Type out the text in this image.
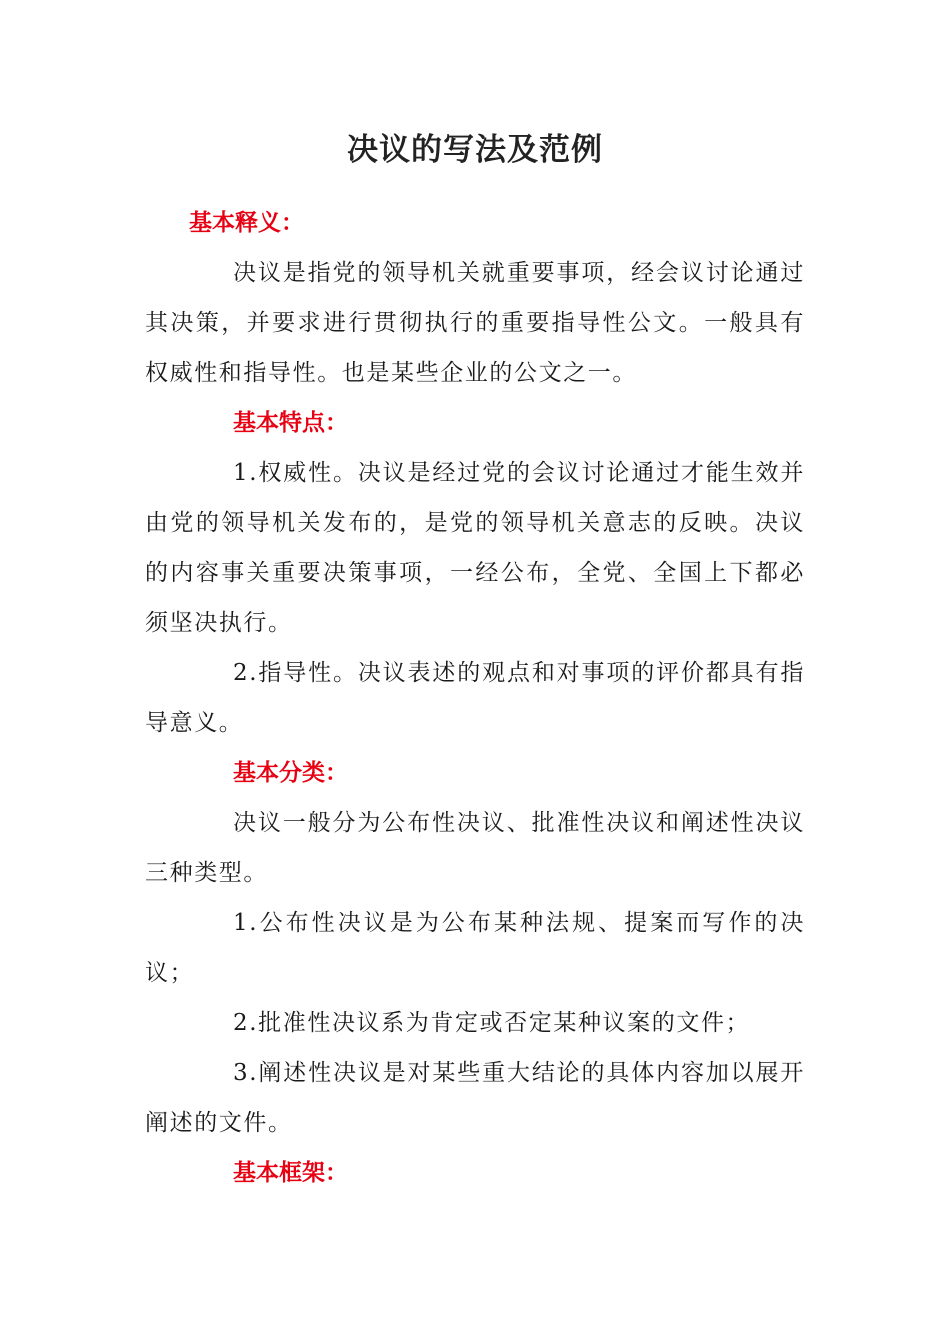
决议的写法及范例
基本释义：
决议是指党的领导机关就重要事项，经会议讨论通过其决策，并要求进行贯彻执行的重要指导性公文。一般具有权威性和指导性。也是某些企业的公文之一。
基本特点：
1.权威性。决议是经过党的会议讨论通过才能生效并由党的领导机关发布的，是党的领导机关意志的反映。决议的内容事关重要决策事项，一经公布，全党、全国上下都必须坚决执行。
2.指导性。决议表述的观点和对事项的评价都具有指导意义。
基本分类：
决议一般分为公布性决议、批准性决议和阐述性决议三种类型。
1.公布性决议是为公布某种法规、提案而写作的决议；
2.批准性决议系为肯定或否定某种议案的文件；
3.阐述性决议是对某些重大结论的具体内容加以展开阐述的文件。
基本框架：
